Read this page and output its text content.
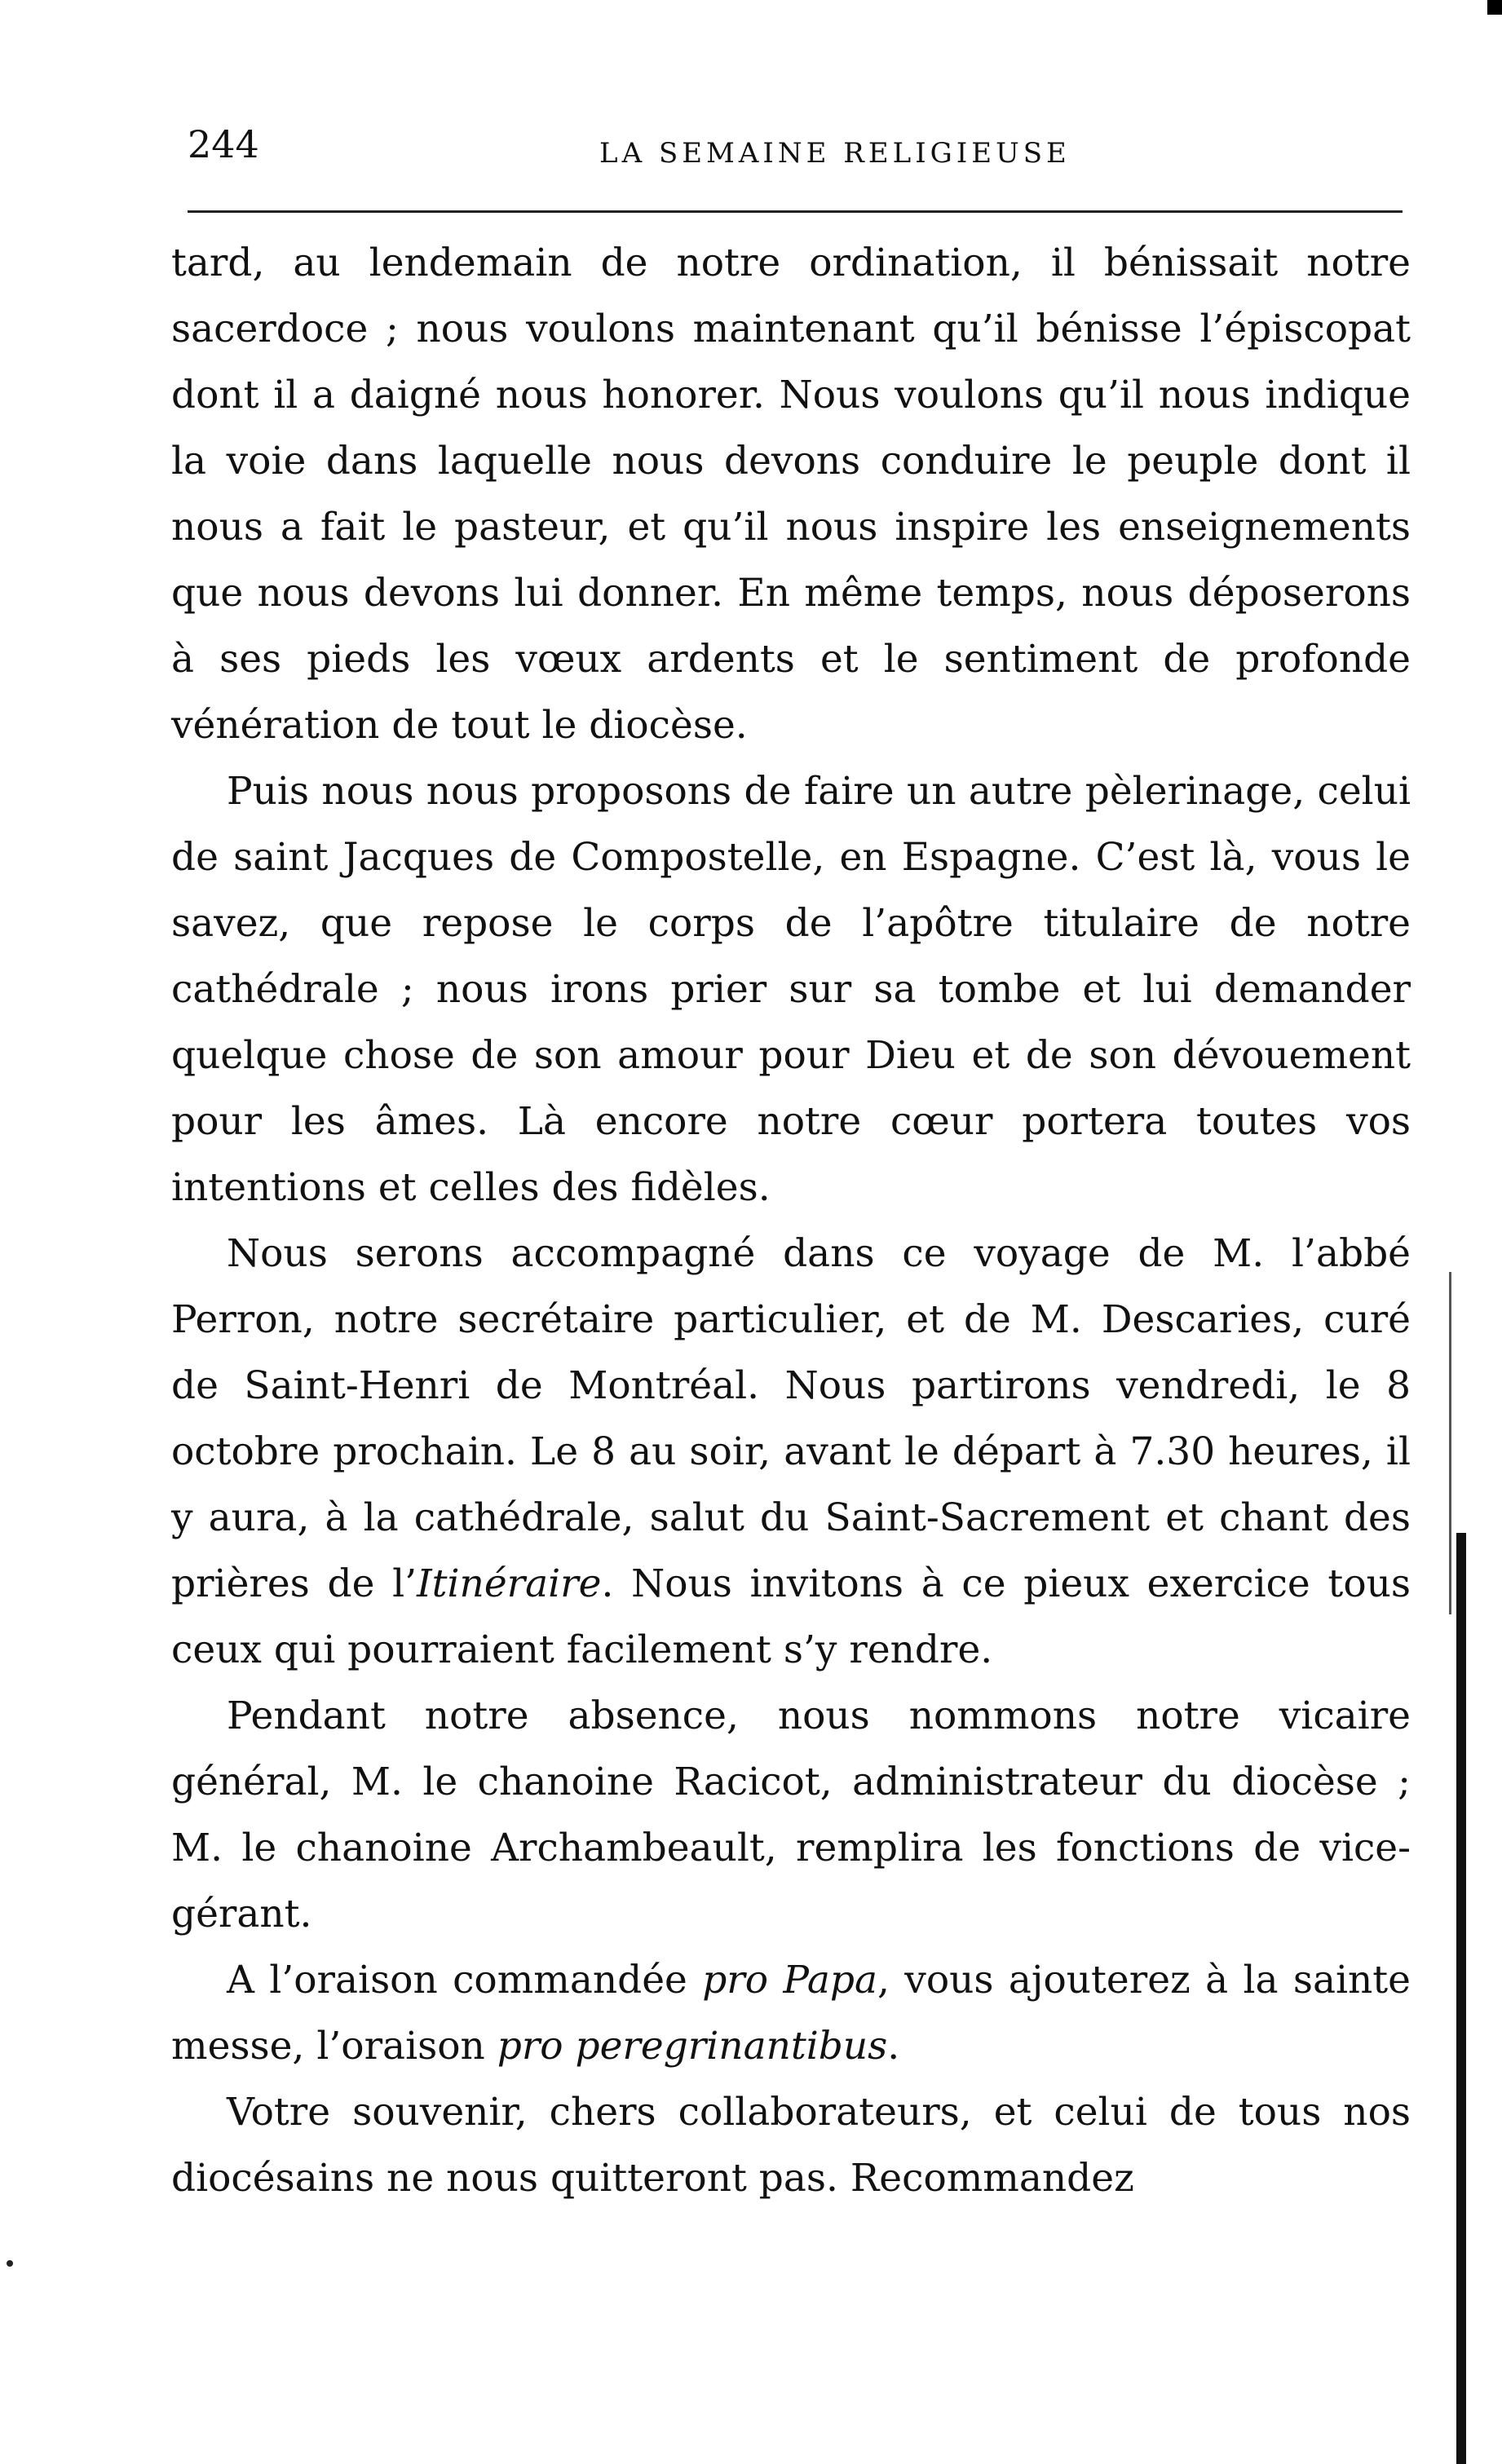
244	LA SEMAINE RELIGIEUSE

tard, au lendemain de notre ordination, il bénissait notre sacerdoce ; nous voulons maintenant qu’il bénisse l’épiscopat dont il a daigné nous honorer. Nous voulons qu’il nous indique la voie dans laquelle nous devons conduire le peuple dont il nous a fait le pasteur, et qu’il nous inspire les enseignements que nous devons lui donner. En même temps, nous déposerons à ses pieds les vœux ardents et le sentiment de profonde vénération de tout le diocèse.

Puis nous nous proposons de faire un autre pèlerinage, celui de saint Jacques de Compostelle, en Espagne. C’est là, vous le savez, que repose le corps de l’apôtre titulaire de notre cathédrale ; nous irons prier sur sa tombe et lui demander quelque chose de son amour pour Dieu et de son dévouement pour les âmes. Là encore notre cœur portera toutes vos intentions et celles des fidèles.

Nous serons accompagné dans ce voyage de M. l’abbé Perron, notre secrétaire particulier, et de M. Descaries, curé de Saint-Henri de Montréal. Nous partirons vendredi, le 8 octobre prochain. Le 8 au soir, avant le départ à 7.30 heures, il y aura, à la cathédrale, salut du Saint-Sacrement et chant des prières de l’Itinéraire. Nous invitons à ce pieux exercice tous ceux qui pourraient facilement s’y rendre.

Pendant notre absence, nous nommons notre vicaire général, M. le chanoine Racicot, administrateur du diocèse ; M. le chanoine Archambeault, remplira les fonctions de vice-gérant.

A l’oraison commandée pro Papa, vous ajouterez à la sainte messe, l’oraison pro peregrinantibus.

Votre souvenir, chers collaborateurs, et celui de tous nos diocésains ne nous quitteront pas. Recommandez
